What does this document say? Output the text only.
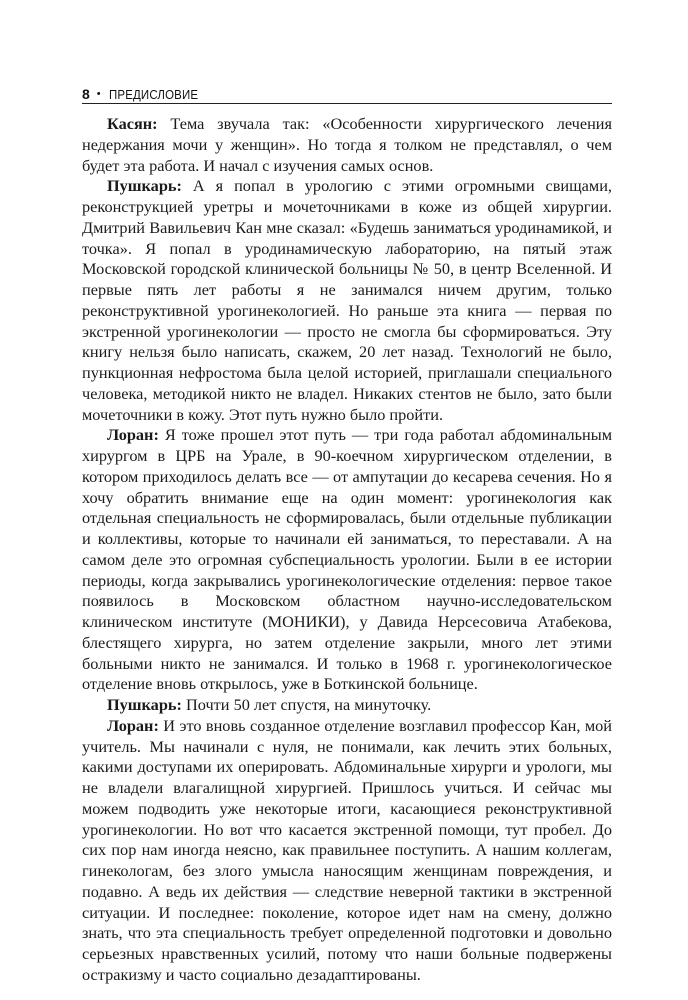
8 • ПРЕДИСЛОВИЕ

Касян: Тема звучала так: «Особенности хирургического лечения недержания мочи у женщин». Но тогда я толком не представлял, о чем будет эта работа. И начал с изучения самых основ.

Пушкарь: А я попал в урологию с этими огромными свищами, реконструкцией уретры и мочеточниками в коже из общей хирургии. Дмитрий Вавильевич Кан мне сказал: «Будешь заниматься уродинамикой, и точка». Я попал в уродинамическую лабораторию, на пятый этаж Московской городской клинической больницы № 50, в центр Вселенной. И первые пять лет работы я не занимался ничем другим, только реконструктивной урогинекологией. Но раньше эта книга — первая по экстренной урогинекологии — просто не смогла бы сформироваться. Эту книгу нельзя было написать, скажем, 20 лет назад. Технологий не было, пункционная нефростома была целой историей, приглашали специального человека, методикой никто не владел. Никаких стентов не было, зато были мочеточники в кожу. Этот путь нужно было пройти.

Лоран: Я тоже прошел этот путь — три года работал абдоминальным хирургом в ЦРБ на Урале, в 90-коечном хирургическом отделении, в котором приходилось делать все — от ампутации до кесарева сечения. Но я хочу обратить внимание еще на один момент: урогинекология как отдельная специальность не сформировалась, были отдельные публикации и коллективы, которые то начинали ей заниматься, то переставали. А на самом деле это огромная субспециальность урологии. Были в ее истории периоды, когда закрывались урогинекологические отделения: первое такое появилось в Московском областном научно-исследовательском клиническом институте (МОНИКИ), у Давида Нерсесовича Атабекова, блестящего хирурга, но затем отделение закрыли, много лет этими больными никто не занимался. И только в 1968 г. урогинекологическое отделение вновь открылось, уже в Боткинской больнице.

Пушкарь: Почти 50 лет спустя, на минуточку.

Лоран: И это вновь созданное отделение возглавил профессор Кан, мой учитель. Мы начинали с нуля, не понимали, как лечить этих больных, какими доступами их оперировать. Абдоминальные хирурги и урологи, мы не владели влагалищной хирургией. Пришлось учиться. И сейчас мы можем подводить уже некоторые итоги, касающиеся реконструктивной урогинекологии. Но вот что касается экстренной помощи, тут пробел. До сих пор нам иногда неясно, как правильнее поступить. А нашим коллегам, гинекологам, без злого умысла наносящим женщинам повреждения, и подавно. А ведь их действия — следствие неверной тактики в экстренной ситуации. И последнее: поколение, которое идет нам на смену, должно знать, что эта специальность требует определенной подготовки и довольно серьезных нравственных усилий, потому что наши больные подвержены остракизму и часто социально дезадаптированы.
